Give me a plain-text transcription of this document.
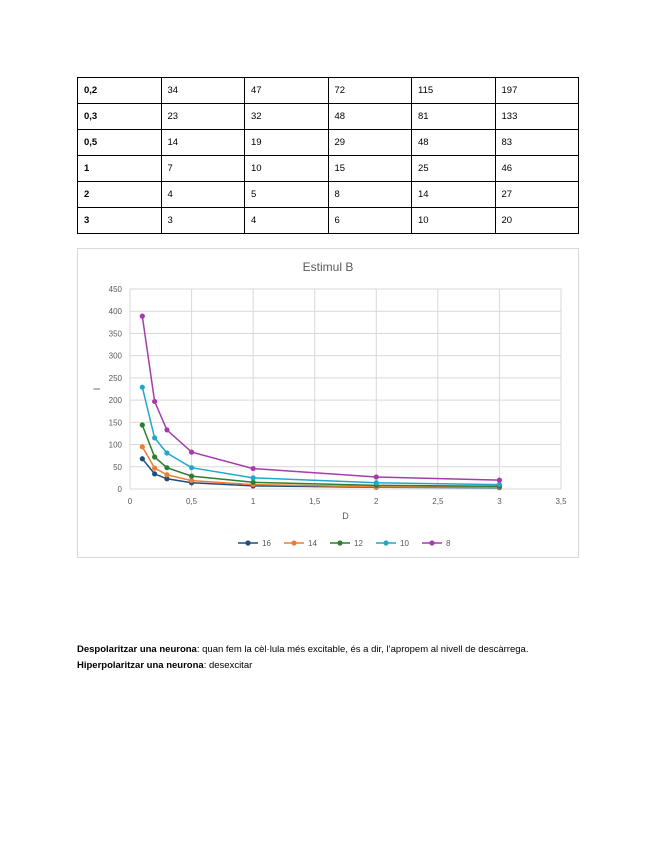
0,2	34	47	72	115	197
0,3	23	32	48	81	133
0,5	14	19	29	48	83
1	7	10	15	25	46
2	4	5	8	14	27
3	3	4	6	10	20
Estimul B
0
50
100
150
200
250
300
350
400
450
0	0,5	1	1,5	2	2,5	3	3,5
D
I
16	14	12	10	8

Despolaritzar una neurona: quan fem la cèl·lula més excitable, és a dir, l’apropem al nivell de descàrrega.

Hiperpolaritzar una neurona: desexcitar
